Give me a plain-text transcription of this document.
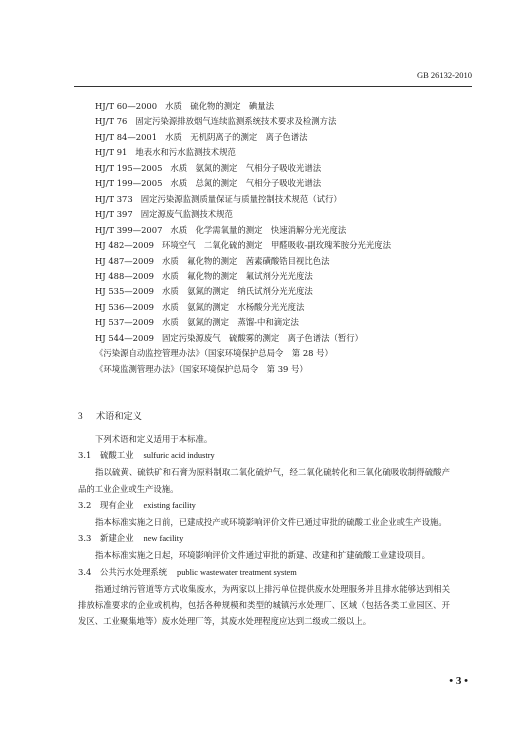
GB 26132-2010
HJ/T 60—2000 水质　硫化物的测定　碘量法
HJ/T 76 固定污染源排放烟气连续监测系统技术要求及检测方法
HJ/T 84—2001 水质　无机阴离子的测定　离子色谱法
HJ/T 91 地表水和污水监测技术规范
HJ/T 195—2005 水质　氨氮的测定　气相分子吸收光谱法
HJ/T 199—2005 水质　总氮的测定　气相分子吸收光谱法
HJ/T 373 固定污染源监测质量保证与质量控制技术规范（试行）
HJ/T 397 固定源废气监测技术规范
HJ/T 399—2007 水质　化学需氧量的测定　快速消解分光光度法
HJ 482—2009 环境空气　二氧化硫的测定　甲醛吸收-副玫瑰苯胺分光光度法
HJ 487—2009 水质　氟化物的测定　茜素磺酸锆目视比色法
HJ 488—2009 水质　氟化物的测定　氟试剂分光光度法
HJ 535—2009 水质　氨氮的测定　纳氏试剂分光光度法
HJ 536—2009 水质　氨氮的测定　水杨酸分光光度法
HJ 537—2009 水质　氨氮的测定　蒸馏-中和滴定法
HJ 544—2009 固定污染源废气　硫酸雾的测定　离子色谱法（暂行）
《污染源自动监控管理办法》（国家环境保护总局令　第 28 号）
《环境监测管理办法》（国家环境保护总局令　第 39 号）
3 术语和定义
下列术语和定义适用于本标准。
3.1 硫酸工业 sulfuric acid industry
指以硫黄、硫铁矿和石膏为原料制取二氧化硫炉气，经二氧化硫转化和三氧化硫吸收制得硫酸产品的工业企业或生产设施。
3.2 现有企业 existing facility
指本标准实施之日前，已建成投产或环境影响评价文件已通过审批的硫酸工业企业或生产设施。
3.3 新建企业 new facility
指本标准实施之日起，环境影响评价文件通过审批的新建、改建和扩建硫酸工业建设项目。
3.4 公共污水处理系统 public wastewater treatment system
指通过纳污管道等方式收集废水，为两家以上排污单位提供废水处理服务并且排水能够达到相关排放标准要求的企业或机构，包括各种规模和类型的城镇污水处理厂、区域（包括各类工业园区、开发区、工业聚集地等）废水处理厂等，其废水处理程度应达到二级或二级以上。
• 3 •
